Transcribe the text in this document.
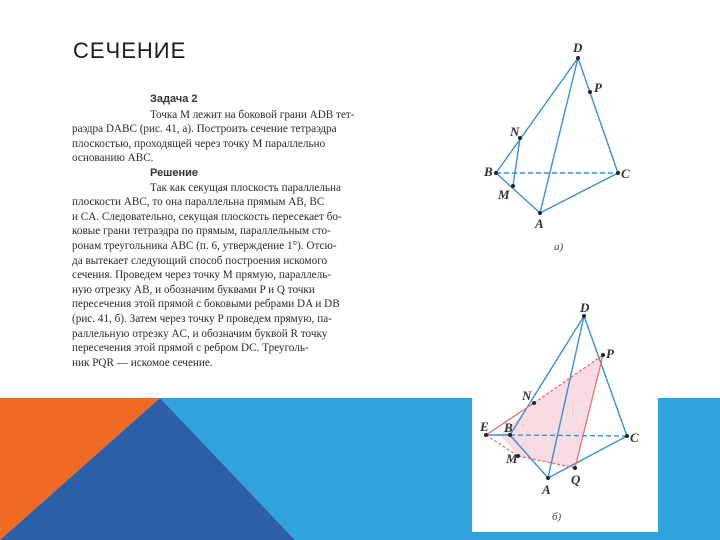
СЕЧЕНИЕ
Задача 2

Точка M лежит на боковой грани ADB тет-

раэдра DABC (рис. 41, а). Построить сечение тетраэдра

плоскостью, проходящей через точку M параллельно

основанию ABC.

Решение

Так как секущая плоскость параллельна

плоскости ABC, то она параллельна прямым AB, BC

и CA. Следовательно, секущая плоскость пересекает бо-

ковые грани тетраэдра по прямым, параллельным сто-

ронам треугольника ABC (п. 6, утверждение 1°). Отсю-

да вытекает следующий способ построения искомого

сечения. Проведем через точку M прямую, параллель-

ную отрезку AB, и обозначим буквами P и Q точки

пересечения этой прямой с боковыми ребрами DA и DB

(рис. 41, б). Затем через точку P проведем прямую, па-

раллельную отрезку AC, и обозначим буквой R точку

пересечения этой прямой с ребром DC. Треуголь-

ник PQR — искомое сечение.

D
P
N
B	C
M
A
а)
D
P
N
E B
C
M
A
Q
б)
